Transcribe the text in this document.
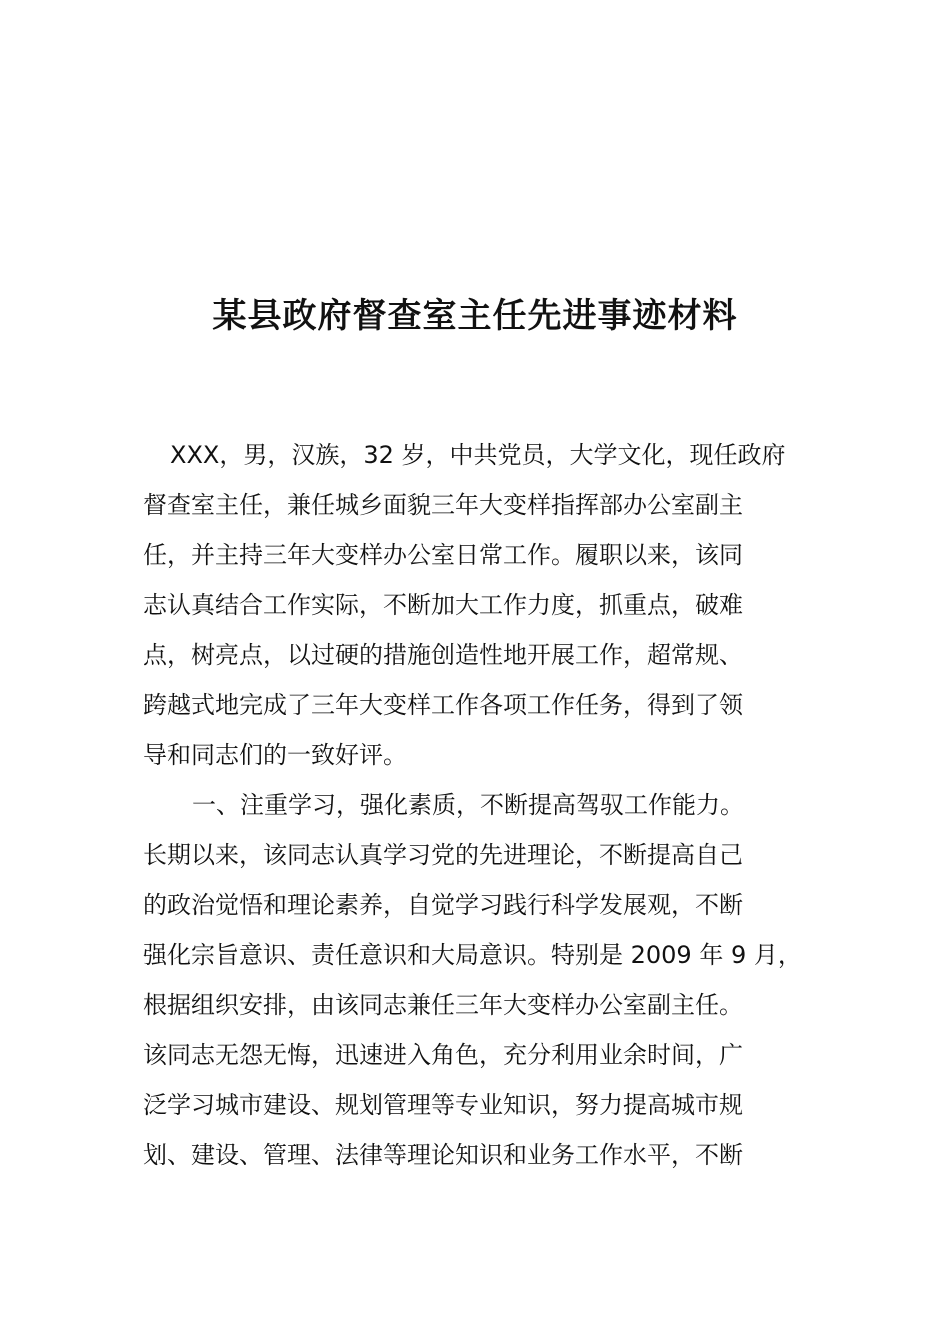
某县政府督查室主任先进事迹材料

XXX，男，汉族，32 岁，中共党员，大学文化，现任政府

督查室主任，兼任城乡面貌三年大变样指挥部办公室副主

任，并主持三年大变样办公室日常工作。履职以来，该同

志认真结合工作实际，不断加大工作力度，抓重点，破难

点，树亮点，以过硬的措施创造性地开展工作，超常规、

跨越式地完成了三年大变样工作各项工作任务，得到了领

导和同志们的一致好评。

一、注重学习，强化素质，不断提高驾驭工作能力。

长期以来，该同志认真学习党的先进理论，不断提高自己

的政治觉悟和理论素养，自觉学习践行科学发展观，不断

强化宗旨意识、责任意识和大局意识。特别是 2009 年 9 月，

根据组织安排，由该同志兼任三年大变样办公室副主任。

该同志无怨无悔，迅速进入角色，充分利用业余时间，广

泛学习城市建设、规划管理等专业知识，努力提高城市规

划、建设、管理、法律等理论知识和业务工作水平，不断
